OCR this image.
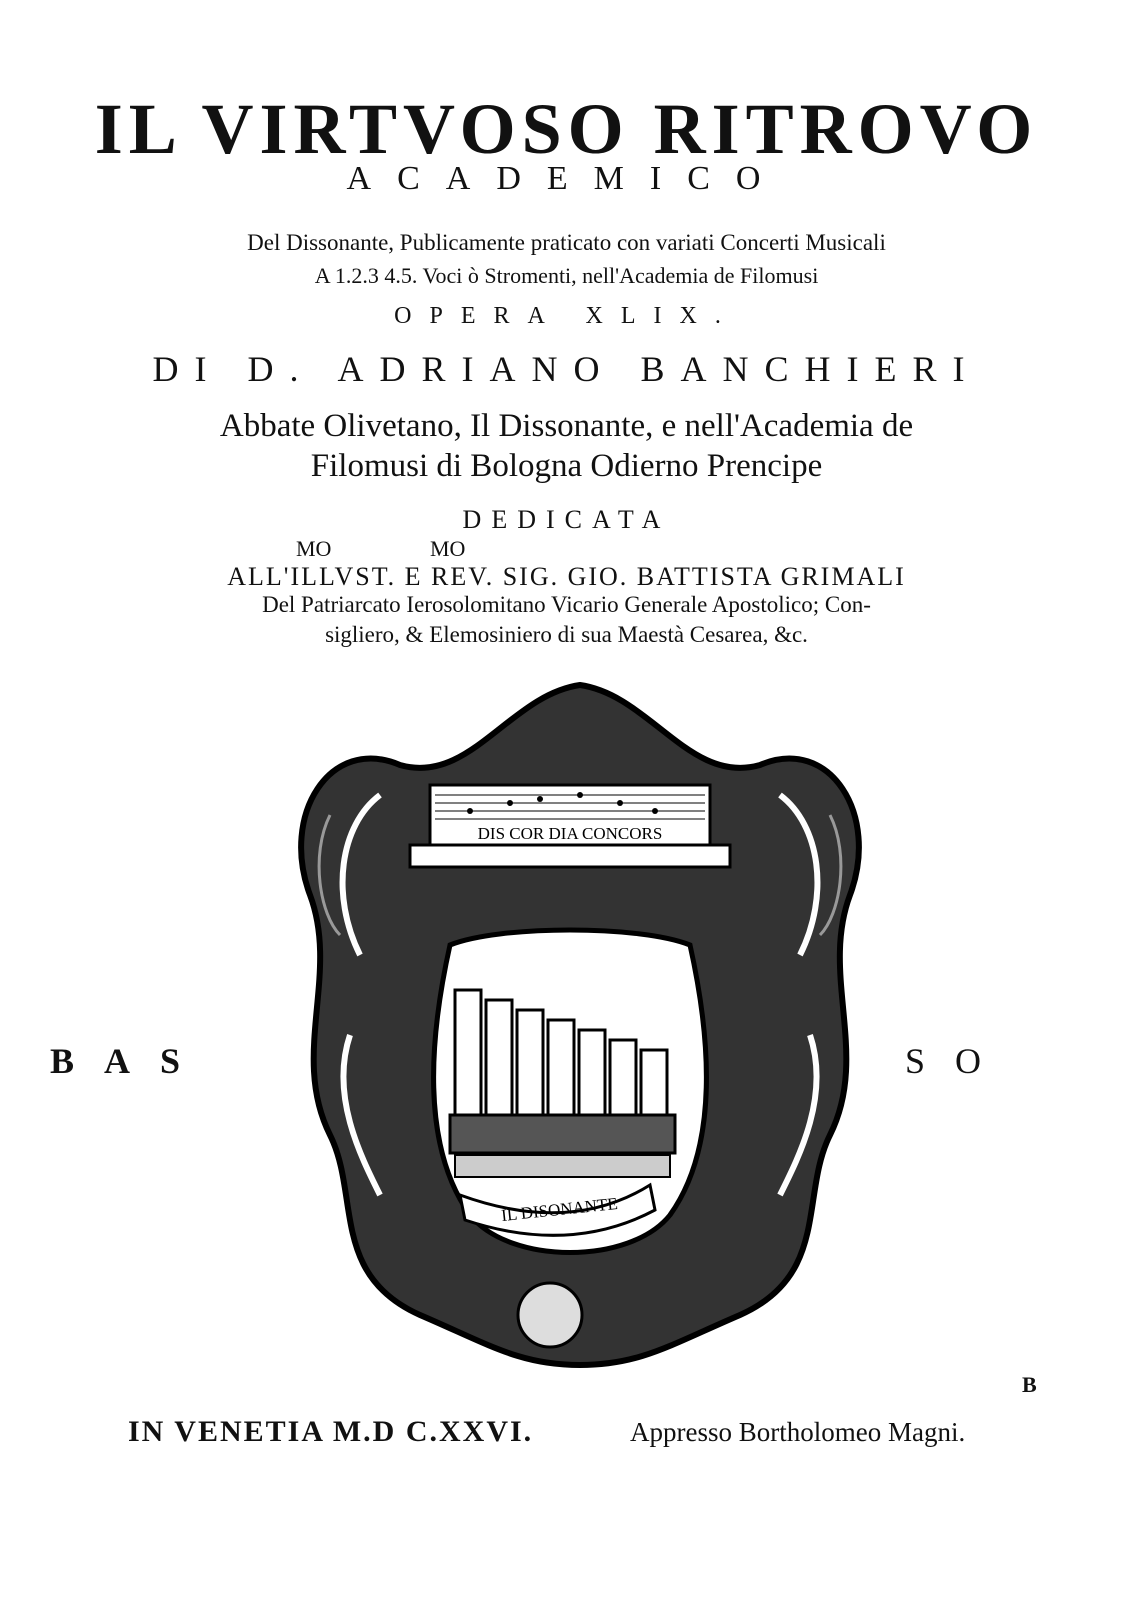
IL VIRTVOSO RITROVO
ACADEMICO
Del Dissonante, Publicamente praticato con variati Concerti Musicali
A 1.2.3 4.5. Voci ò Stromenti, nell'Academia de Filomusi
OPERA XLIX.
DI D. ADRIANO BANCHIERI
Abbate Olivetano, Il Dissonante, e nell'Academia de
Filomusi di Bologna Odierno Prencipe
DEDICATA
MO	MO
ALL'ILLVST. E REV. SIG. GIO. BATTISTA GRIMALI
Del Patriarcato Ierosolomitano Vicario Generale Apostolico; Con-
sigliero, & Elemosiniero di sua Maestà Cesarea, &c.
DIS COR DIA CONCORS
IL DISONANTE
BAS	SO
B
IN VENETIA M.D C.XXVI.	Appresso Bortholomeo Magni.
